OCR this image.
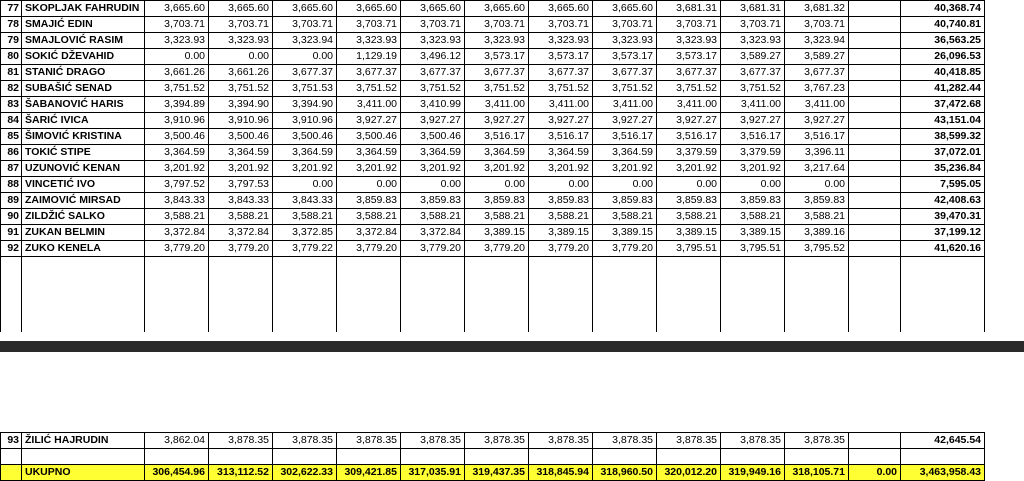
77	SKOPLJAK FAHRUDIN	3,665.60	3,665.60	3,665.60	3,665.60	3,665.60	3,665.60	3,665.60	3,665.60	3,681.31	3,681.31	3,681.32		40,368.74
78	SMAJIĆ EDIN	3,703.71	3,703.71	3,703.71	3,703.71	3,703.71	3,703.71	3,703.71	3,703.71	3,703.71	3,703.71	3,703.71		40,740.81
79	SMAJLOVIĆ RASIM	3,323.93	3,323.93	3,323.94	3,323.93	3,323.93	3,323.93	3,323.93	3,323.93	3,323.93	3,323.93	3,323.94		36,563.25
80	SOKIĆ DŽEVAHID	0.00	0.00	0.00	1,129.19	3,496.12	3,573.17	3,573.17	3,573.17	3,573.17	3,589.27	3,589.27		26,096.53
81	STANIĆ DRAGO	3,661.26	3,661.26	3,677.37	3,677.37	3,677.37	3,677.37	3,677.37	3,677.37	3,677.37	3,677.37	3,677.37		40,418.85
82	SUBAŠIĆ SENAD	3,751.52	3,751.52	3,751.53	3,751.52	3,751.52	3,751.52	3,751.52	3,751.52	3,751.52	3,751.52	3,767.23		41,282.44
83	ŠABANOVIĆ HARIS	3,394.89	3,394.90	3,394.90	3,411.00	3,410.99	3,411.00	3,411.00	3,411.00	3,411.00	3,411.00	3,411.00		37,472.68
84	ŠARIĆ IVICA	3,910.96	3,910.96	3,910.96	3,927.27	3,927.27	3,927.27	3,927.27	3,927.27	3,927.27	3,927.27	3,927.27		43,151.04
85	ŠIMOVIĆ KRISTINA	3,500.46	3,500.46	3,500.46	3,500.46	3,500.46	3,516.17	3,516.17	3,516.17	3,516.17	3,516.17	3,516.17		38,599.32
86	TOKIĆ STIPE	3,364.59	3,364.59	3,364.59	3,364.59	3,364.59	3,364.59	3,364.59	3,364.59	3,379.59	3,379.59	3,396.11		37,072.01
87	UZUNOVIĆ KENAN	3,201.92	3,201.92	3,201.92	3,201.92	3,201.92	3,201.92	3,201.92	3,201.92	3,201.92	3,201.92	3,217.64		35,236.84
88	VINCETIĆ IVO	3,797.52	3,797.53	0.00	0.00	0.00	0.00	0.00	0.00	0.00	0.00	0.00		7,595.05
89	ZAIMOVIĆ MIRSAD	3,843.33	3,843.33	3,843.33	3,859.83	3,859.83	3,859.83	3,859.83	3,859.83	3,859.83	3,859.83	3,859.83		42,408.63
90	ZILDŽIĆ SALKO	3,588.21	3,588.21	3,588.21	3,588.21	3,588.21	3,588.21	3,588.21	3,588.21	3,588.21	3,588.21	3,588.21		39,470.31
91	ZUKAN BELMIN	3,372.84	3,372.84	3,372.85	3,372.84	3,372.84	3,389.15	3,389.15	3,389.15	3,389.15	3,389.15	3,389.16		37,199.12
92	ZUKO KENELA	3,779.20	3,779.20	3,779.22	3,779.20	3,779.20	3,779.20	3,779.20	3,779.20	3,795.51	3,795.51	3,795.52		41,620.16

93	ŽILIĆ HAJRUDIN	3,862.04	3,878.35	3,878.35	3,878.35	3,878.35	3,878.35	3,878.35	3,878.35	3,878.35	3,878.35	3,878.35		42,645.54

	UKUPNO	306,454.96	313,112.52	302,622.33	309,421.85	317,035.91	319,437.35	318,845.94	318,960.50	320,012.20	319,949.16	318,105.71	0.00	3,463,958.43
